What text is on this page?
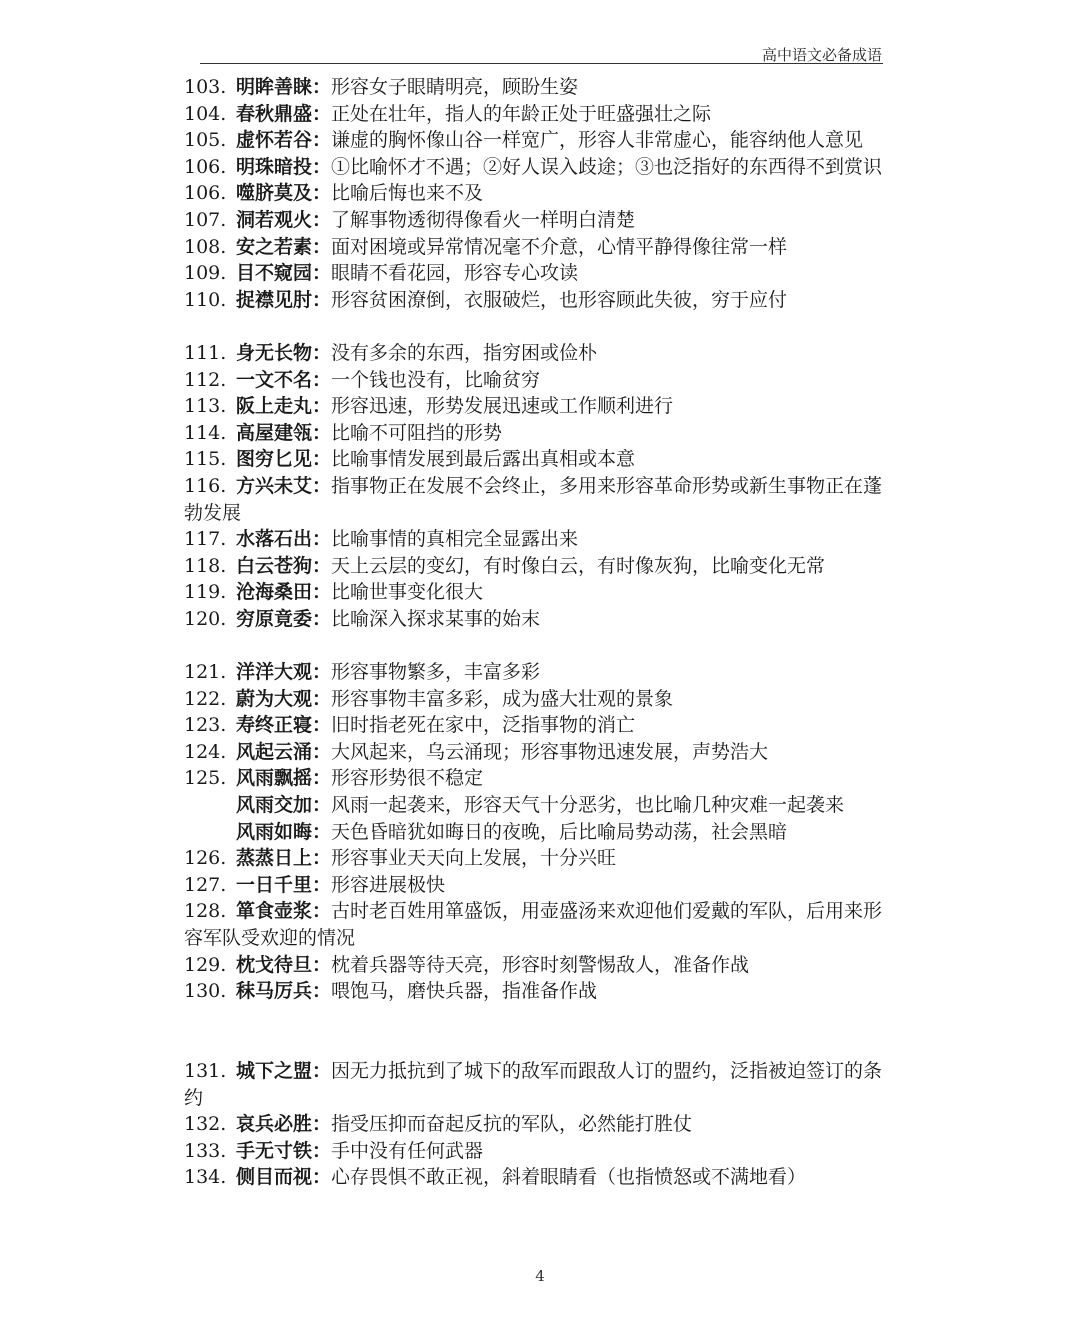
高中语文必备成语

103. 明眸善睐：形容女子眼睛明亮，顾盼生姿

104. 春秋鼎盛：正处在壮年，指人的年龄正处于旺盛强壮之际

105. 虚怀若谷：谦虚的胸怀像山谷一样宽广，形容人非常虚心，能容纳他人意见

106. 明珠暗投：①比喻怀才不遇；②好人误入歧途；③也泛指好的东西得不到赏识

106. 噬脐莫及：比喻后悔也来不及

107. 洞若观火：了解事物透彻得像看火一样明白清楚

108. 安之若素：面对困境或异常情况毫不介意，心情平静得像往常一样

109. 目不窥园：眼睛不看花园，形容专心攻读

110. 捉襟见肘：形容贫困潦倒，衣服破烂，也形容顾此失彼，穷于应付

111. 身无长物：没有多余的东西，指穷困或俭朴

112. 一文不名：一个钱也没有，比喻贫穷

113. 阪上走丸：形容迅速，形势发展迅速或工作顺利进行

114. 高屋建瓴：比喻不可阻挡的形势

115. 图穷匕见：比喻事情发展到最后露出真相或本意

116. 方兴未艾：指事物正在发展不会终止，多用来形容革命形势或新生事物正在蓬勃发展

117. 水落石出：比喻事情的真相完全显露出来

118. 白云苍狗：天上云层的变幻，有时像白云，有时像灰狗，比喻变化无常

119. 沧海桑田：比喻世事变化很大

120. 穷原竟委：比喻深入探求某事的始末

121. 洋洋大观：形容事物繁多，丰富多彩

122. 蔚为大观：形容事物丰富多彩，成为盛大壮观的景象

123. 寿终正寝：旧时指老死在家中，泛指事物的消亡

124. 风起云涌：大风起来，乌云涌现；形容事物迅速发展，声势浩大

125. 风雨飘摇：形容形势很不稳定

风雨交加：风雨一起袭来，形容天气十分恶劣，也比喻几种灾难一起袭来

风雨如晦：天色昏暗犹如晦日的夜晚，后比喻局势动荡，社会黑暗

126. 蒸蒸日上：形容事业天天向上发展，十分兴旺

127. 一日千里：形容进展极快

128. 箪食壶浆：古时老百姓用箪盛饭，用壶盛汤来欢迎他们爱戴的军队，后用来形容军队受欢迎的情况

129. 枕戈待旦：枕着兵器等待天亮，形容时刻警惕敌人，准备作战

130. 秣马厉兵：喂饱马，磨快兵器，指准备作战

131. 城下之盟：因无力抵抗到了城下的敌军而跟敌人订的盟约，泛指被迫签订的条约

132. 哀兵必胜：指受压抑而奋起反抗的军队，必然能打胜仗

133. 手无寸铁：手中没有任何武器

134. 侧目而视：心存畏惧不敢正视，斜着眼睛看（也指愤怒或不满地看）

4
